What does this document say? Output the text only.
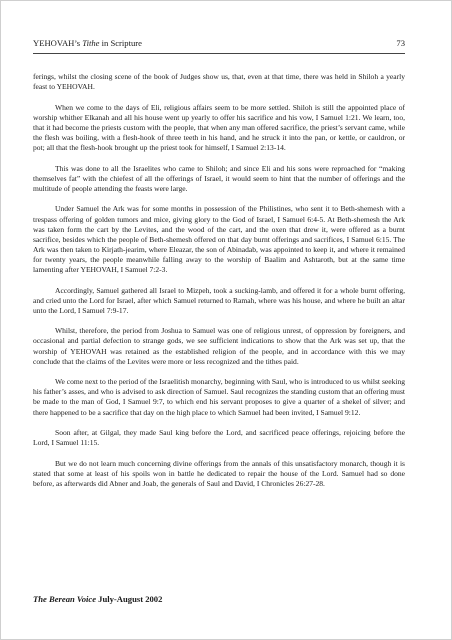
YEHOVAH’s Tithe in Scripture	73

ferings, whilst the closing scene of the book of Judges show us, that, even at that time, there was held in Shiloh a yearly feast to YEHOVAH.

When we come to the days of Eli, religious affairs seem to be more settled. Shiloh is still the appointed place of worship whither Elkanah and all his house went up yearly to offer his sacrifice and his vow, I Samuel 1:21. We learn, too, that it had become the priests custom with the people, that when any man offered sacrifice, the priest’s servant came, while the flesh was boiling, with a flesh-hook of three teeth in his hand, and he struck it into the pan, or kettle, or cauldron, or pot; all that the flesh-hook brought up the priest took for himself, I Samuel 2:13-14.

This was done to all the Israelites who came to Shiloh; and since Eli and his sons were reproached for “making themselves fat” with the chiefest of all the offerings of Israel, it would seem to hint that the number of offerings and the multitude of people attending the feasts were large.

Under Samuel the Ark was for some months in possession of the Philistines, who sent it to Beth-shemesh with a trespass offering of golden tumors and mice, giving glory to the God of Israel, I Samuel 6:4-5. At Beth-shemesh the Ark was taken form the cart by the Levites, and the wood of the cart, and the oxen that drew it, were offered as a burnt sacrifice, besides which the people of Beth-shemesh offered on that day burnt offerings and sacrifices, I Samuel 6:15. The Ark was then taken to Kirjath-jearim, where Eleazar, the son of Abinadab, was appointed to keep it, and where it remained for twenty years, the people meanwhile falling away to the worship of Baalim and Ashtaroth, but at the same time lamenting after YEHOVAH, I Samuel 7:2-3.

Accordingly, Samuel gathered all Israel to Mizpeh, took a sucking-lamb, and offered it for a whole burnt offering, and cried unto the Lord for Israel, after which Samuel returned to Ramah, where was his house, and where he built an altar unto the Lord, I Samuel 7:9-17.

Whilst, therefore, the period from Joshua to Samuel was one of religious unrest, of oppression by foreigners, and occasional and partial defection to strange gods, we see sufficient indications to show that the Ark was set up, that the worship of YEHOVAH was retained as the established religion of the people, and in accordance with this we may conclude that the claims of the Levites were more or less recognized and the tithes paid.

We come next to the period of the Israelitish monarchy, beginning with Saul, who is introduced to us whilst seeking his father’s asses, and who is advised to ask direction of Samuel. Saul recognizes the standing custom that an offering must be made to the man of God, I Samuel 9:7, to which end his servant proposes to give a quarter of a shekel of silver; and there happened to be a sacrifice that day on the high place to which Samuel had been invited, I Samuel 9:12.

Soon after, at Gilgal, they made Saul king before the Lord, and sacrificed peace offerings, rejoicing before the Lord, I Samuel 11:15.

But we do not learn much concerning divine offerings from the annals of this unsatisfactory monarch, though it is stated that some at least of his spoils won in battle he dedicated to repair the house of the Lord. Samuel had so done before, as afterwards did Abner and Joab, the generals of Saul and David, I Chronicles 26:27-28.

The Berean Voice July-August 2002
